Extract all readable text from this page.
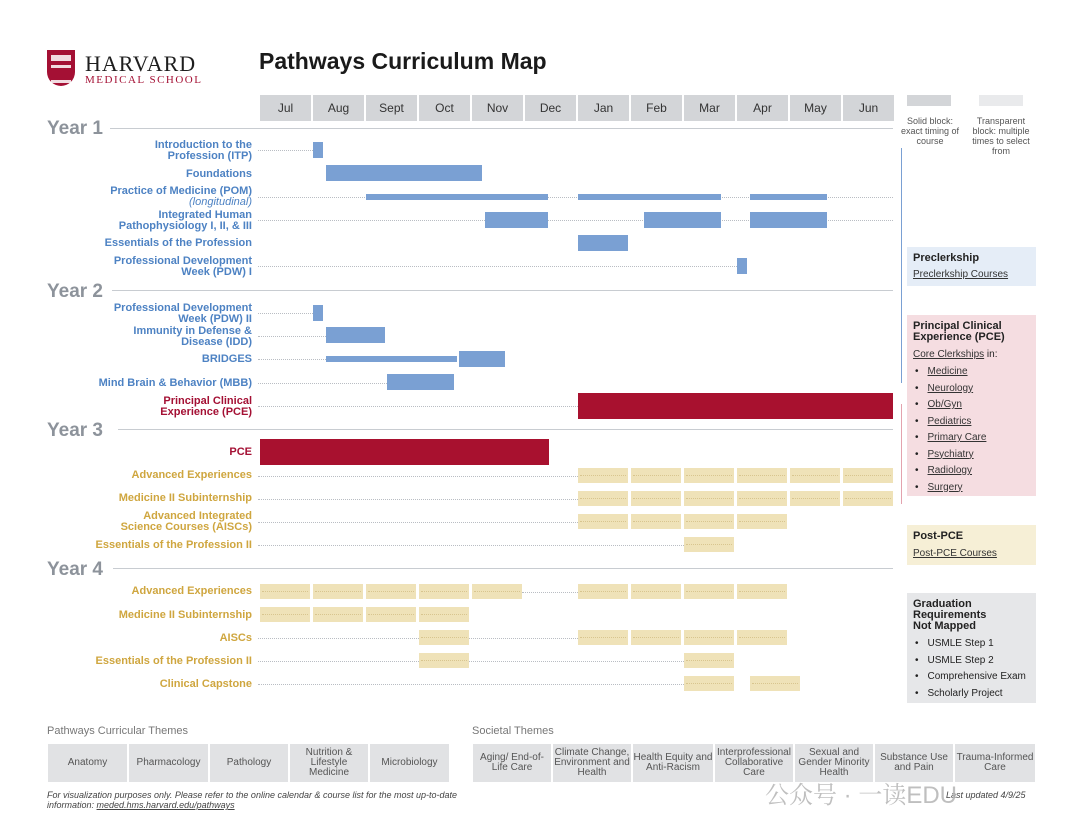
HARVARD
MEDICAL SCHOOL
Pathways Curriculum Map
Jul	Aug	Sept	Oct	Nov	Dec	Jan	Feb	Mar	Apr	May	Jun
Solid block: exact timing of course
Transparent block: multiple times to select from
Year 1
Year 2
Year 3
Year 4
Introduction to the Profession (ITP)
Foundations
Practice of Medicine (POM)
(longitudinal)
Integrated Human Pathophysiology I, II, & III
Essentials of the Profession
Professional Development Week (PDW) I
Professional Development Week (PDW) II
Immunity in Defense & Disease (IDD)
BRIDGES
Mind Brain & Behavior (MBB)
Principal Clinical Experience (PCE)
PCE
Advanced Experiences
Medicine II Subinternship
Advanced Integrated Science Courses (AISCs)
Essentials of the Profession II
Advanced Experiences
Medicine II Subinternship
AISCs
Essentials of the Profession II
Clinical Capstone
Preclerkship
Preclerkship Courses
Principal Clinical Experience (PCE)
Core Clerkships in:
• Medicine
• Neurology
• Ob/Gyn
• Pediatrics
• Primary Care
• Psychiatry
• Radiology
• Surgery
Post-PCE
Post-PCE Courses
Graduation Requirements Not Mapped
• USMLE Step 1
• USMLE Step 2
• Comprehensive Exam
• Scholarly Project
Pathways Curricular Themes
Anatomy	Pharmacology	Pathology
Nutrition & Lifestyle Medicine
Microbiology
Societal Themes
Aging/ End-of-Life Care
Climate Change, Environment and Health
Health Equity and Anti-Racism
Interprofessional Collaborative Care
Sexual and Gender Minority Health
Substance Use and Pain
Trauma-Informed Care
For visualization purposes only. Please refer to the online calendar & course list for the most up-to-date information: meded.hms.harvard.edu/pathways
Last updated 4/9/25
公众号 · 一读EDU
